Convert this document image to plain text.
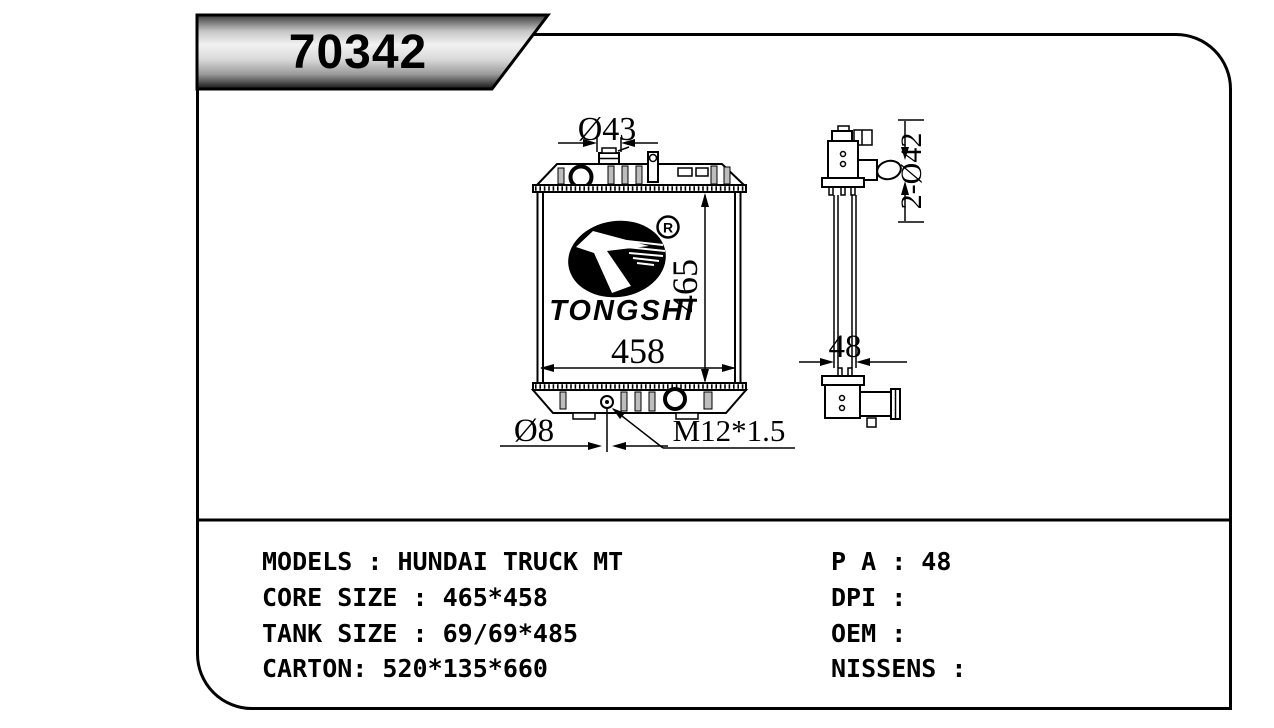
70342
R
TONGSHI
Ø43
465
458
Ø8	M12*1.5
2-Ø42
48
MODELS : HUNDAI TRUCK MT
CORE SIZE : 465*458
TANK SIZE : 69/69*485
CARTON: 520*135*660
P A : 48
DPI :
OEM :
NISSENS :
